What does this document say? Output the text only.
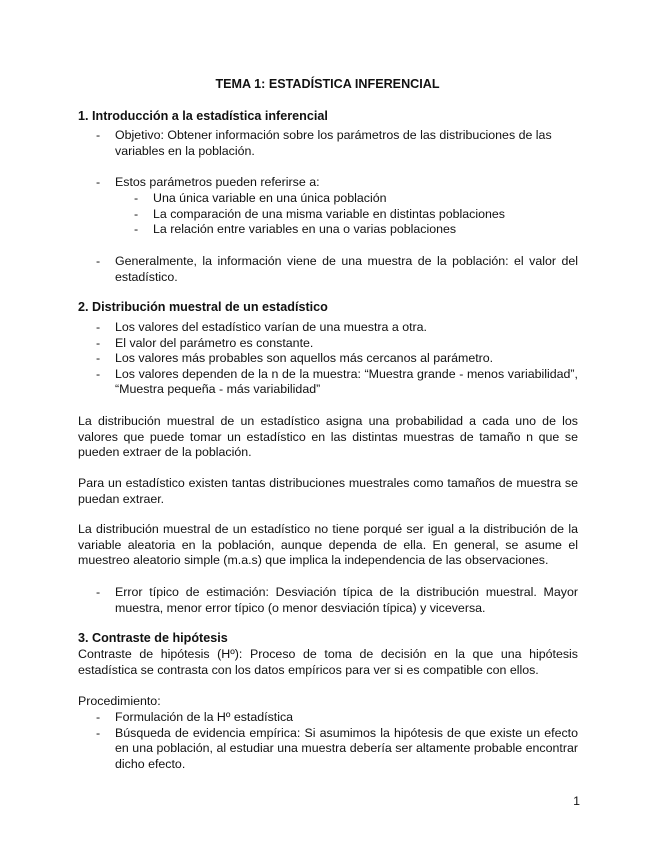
TEMA 1: ESTADÍSTICA INFERENCIAL
1. Introducción a la estadística inferencial
- Objetivo: Obtener información sobre los parámetros de las distribuciones de las variables en la población.
- Estos parámetros pueden referirse a:
- Una única variable en una única población
- La comparación de una misma variable en distintas poblaciones
- La relación entre variables en una o varias poblaciones
- Generalmente, la información viene de una muestra de la población: el valor del estadístico.
2. Distribución muestral de un estadístico
- Los valores del estadístico varían de una muestra a otra.
- El valor del parámetro es constante.
- Los valores más probables son aquellos más cercanos al parámetro.
- Los valores dependen de la n de la muestra: “Muestra grande - menos variabilidad”, “Muestra pequeña - más variabilidad”
La distribución muestral de un estadístico asigna una probabilidad a cada uno de los valores que puede tomar un estadístico en las distintas muestras de tamaño n que se pueden extraer de la población.
Para un estadístico existen tantas distribuciones muestrales como tamaños de muestra se puedan extraer.
La distribución muestral de un estadístico no tiene porqué ser igual a la distribución de la variable aleatoria en la población, aunque dependa de ella. En general, se asume el muestreo aleatorio simple (m.a.s) que implica la independencia de las observaciones.
- Error típico de estimación: Desviación típica de la distribución muestral. Mayor muestra, menor error típico (o menor desviación típica) y viceversa.
3. Contraste de hipótesis
Contraste de hipótesis (Hº): Proceso de toma de decisión en la que una hipótesis estadística se contrasta con los datos empíricos para ver si es compatible con ellos.
Procedimiento:
- Formulación de la Hº estadística
- Búsqueda de evidencia empírica: Si asumimos la hipótesis de que existe un efecto en una población, al estudiar una muestra debería ser altamente probable encontrar dicho efecto.
1
